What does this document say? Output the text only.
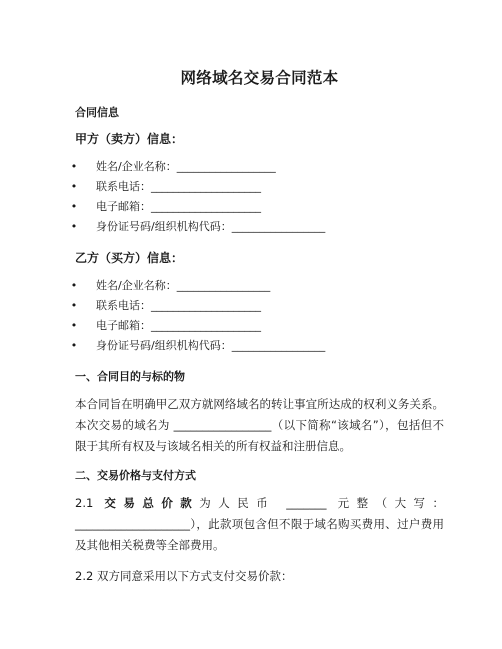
网络域名交易合同范本
合同信息
甲方（卖方）信息：
• 姓名/企业名称：__________________
• 联系电话：____________________
• 电子邮箱：____________________
• 身份证号码/组织机构代码：_________________
乙方（买方）信息：
• 姓名/企业名称：_________________
• 联系电话：____________________
• 电子邮箱：____________________
• 身份证号码/组织机构代码：_________________
一、合同目的与标的物

本合同旨在明确甲乙双方就网络域名的转让事宜所达成的权利义务关系。本次交易的域名为 _________________（以下简称“该域名”），包括但不限于其所有权及与该域名相关的所有权益和注册信息。

二、交易价格与支付方式

2.1 交易总价款为人民币 _______ 元整（大写：____________________），此款项包含但不限于域名购买费用、过户费用及其他相关税费等全部费用。

2.2 双方同意采用以下方式支付交易价款：
